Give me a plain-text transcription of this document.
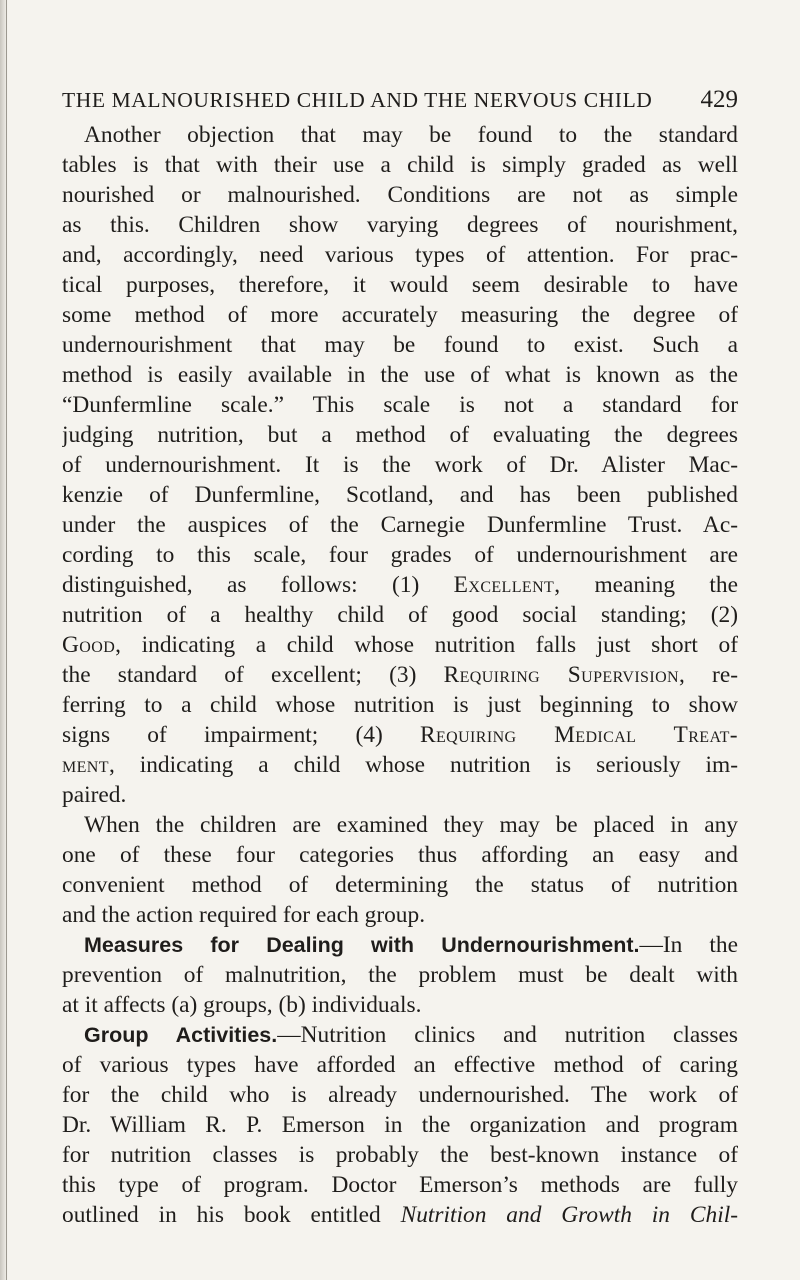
THE MALNOURISHED CHILD AND THE NERVOUS CHILD 429
Another objection that may be found to the standard
tables is that with their use a child is simply graded as well
nourished or malnourished. Conditions are not as simple
as this. Children show varying degrees of nourishment,
and, accordingly, need various types of attention. For prac-
tical purposes, therefore, it would seem desirable to have
some method of more accurately measuring the degree of
undernourishment that may be found to exist. Such a
method is easily available in the use of what is known as the
“Dunfermline scale.” This scale is not a standard for
judging nutrition, but a method of evaluating the degrees
of undernourishment. It is the work of Dr. Alister Mac-
kenzie of Dunfermline, Scotland, and has been published
under the auspices of the Carnegie Dunfermline Trust. Ac-
cording to this scale, four grades of undernourishment are
distinguished, as follows: (1) Excellent, meaning the
nutrition of a healthy child of good social standing; (2)
Good, indicating a child whose nutrition falls just short of
the standard of excellent; (3) Requiring Supervision, re-
ferring to a child whose nutrition is just beginning to show
signs of impairment; (4) Requiring Medical Treat-
ment, indicating a child whose nutrition is seriously im-
paired.
When the children are examined they may be placed in any
one of these four categories thus affording an easy and
convenient method of determining the status of nutrition
and the action required for each group.
Measures for Dealing with Undernourishment.—In the
prevention of malnutrition, the problem must be dealt with
at it affects (a) groups, (b) individuals.
Group Activities.—Nutrition clinics and nutrition classes
of various types have afforded an effective method of caring
for the child who is already undernourished. The work of
Dr. William R. P. Emerson in the organization and program
for nutrition classes is probably the best-known instance of
this type of program. Doctor Emerson’s methods are fully
outlined in his book entitled Nutrition and Growth in Chil-
